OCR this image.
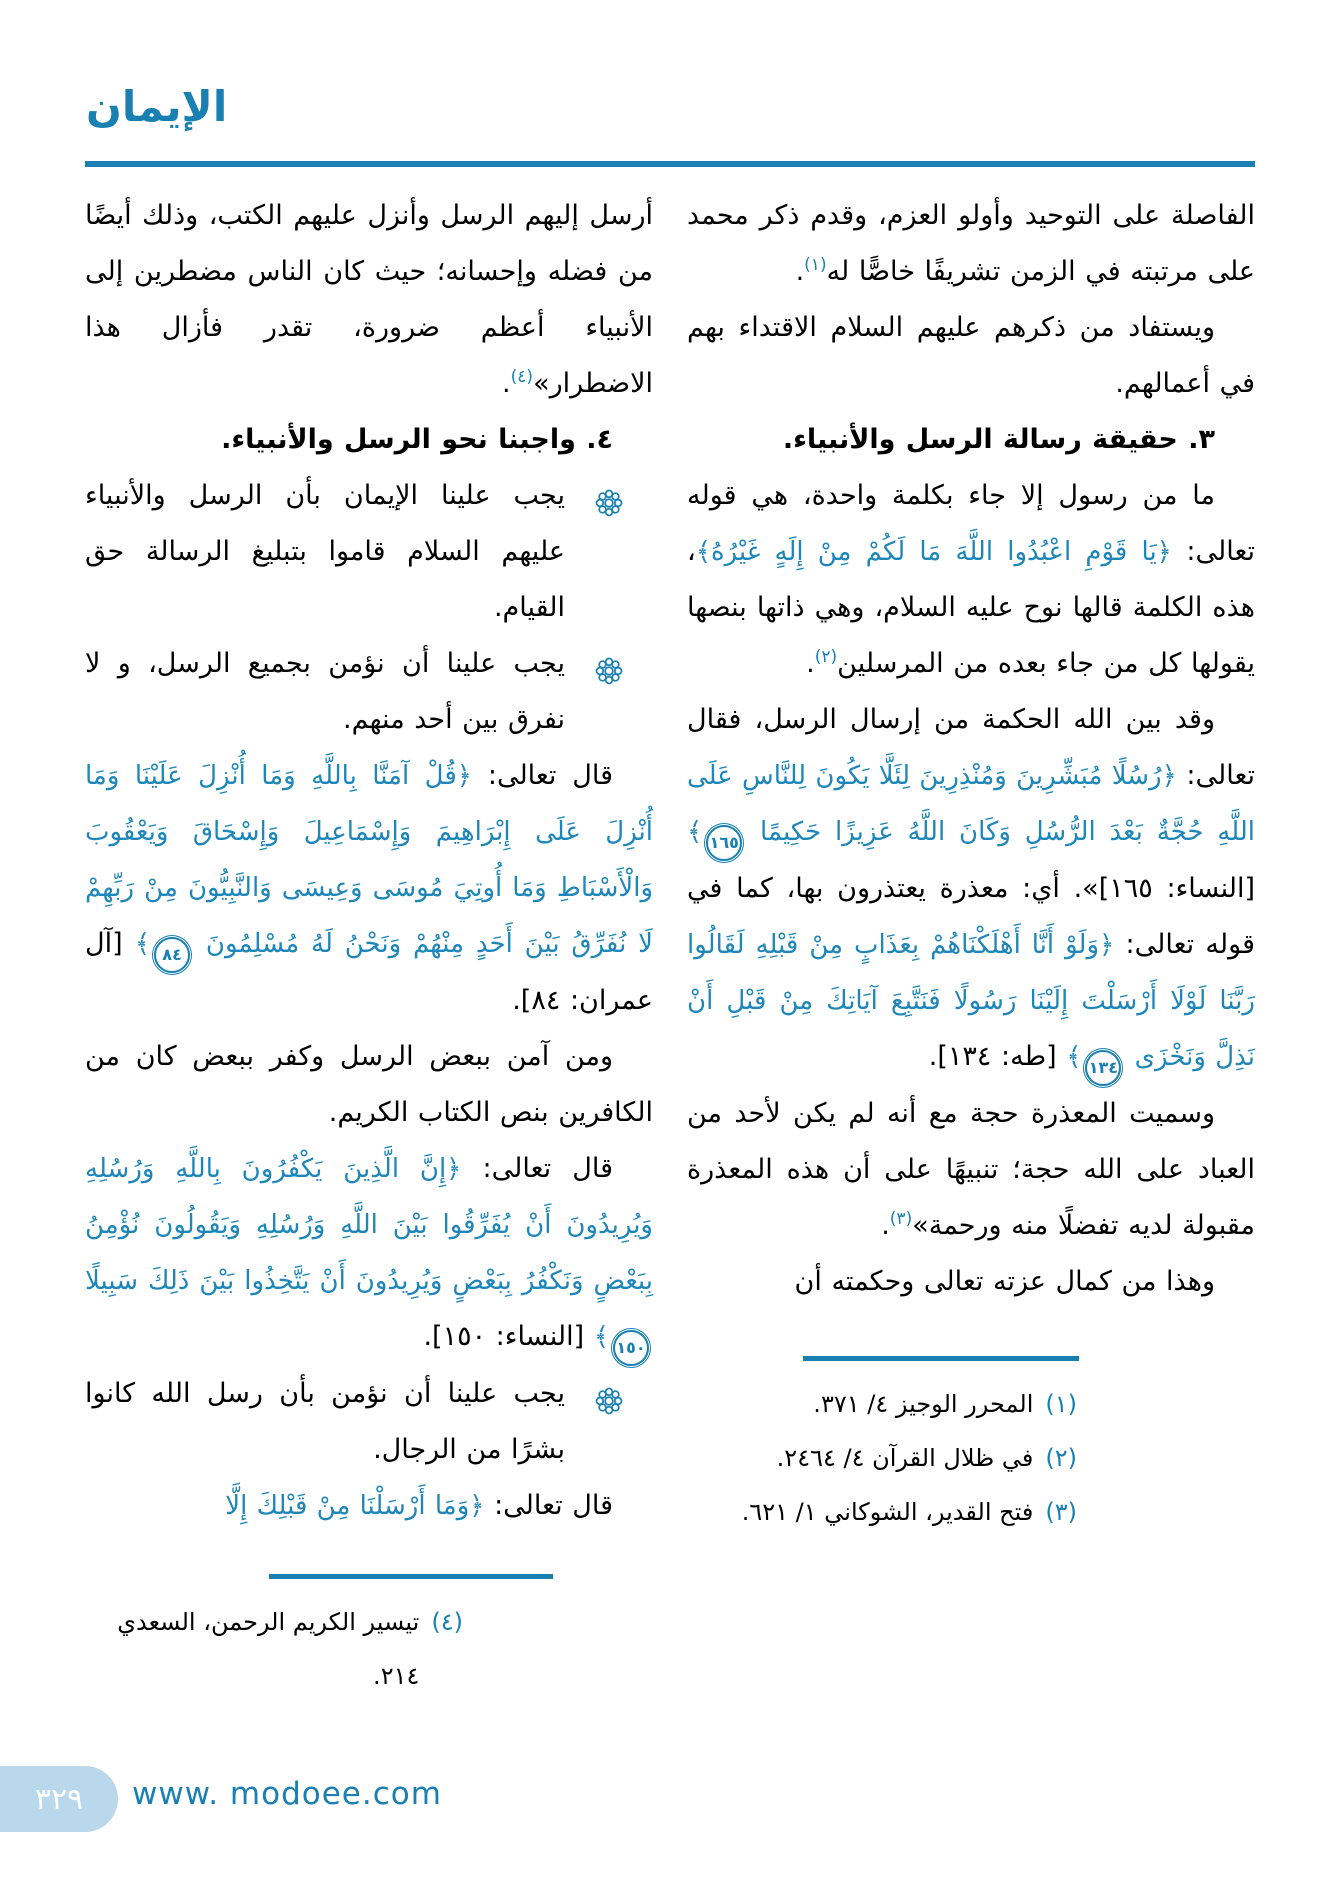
الإيمان
الفاصلة على التوحيد وأولو العزم، وقدم ذكر محمد على مرتبته في الزمن تشريفًا خاصًّا له$^{(١)}$.
ويستفاد من ذكرهم عليهم السلام الاقتداء بهم في أعمالهم.
٣. حقيقة رسالة الرسل والأنبياء.
ما من رسول إلا جاء بكلمة واحدة، هي قوله تعالى: ﴿يَا قَوْمِ اعْبُدُوا اللَّهَ مَا لَكُمْ مِنْ إِلَهٍ غَيْرُهُ﴾، هذه الكلمة قالها نوح عليه السلام، وهي ذاتها بنصها يقولها كل من جاء بعده من المرسلين$^{(٢)}$.
وقد بين الله الحكمة من إرسال الرسل، فقال تعالى: ﴿رُسُلًا مُبَشِّرِينَ وَمُنْذِرِينَ لِئَلَّا يَكُونَ لِلنَّاسِ عَلَى اللَّهِ حُجَّةٌ بَعْدَ الرُّسُلِ وَكَانَ اللَّهُ عَزِيزًا حَكِيمًا ١٦٥﴾ [النساء: ١٦٥]». أي: معذرة يعتذرون بها، كما في قوله تعالى: ﴿وَلَوْ أَنَّا أَهْلَكْنَاهُمْ بِعَذَابٍ مِنْ قَبْلِهِ لَقَالُوا رَبَّنَا لَوْلَا أَرْسَلْتَ إِلَيْنَا رَسُولًا فَنَتَّبِعَ آيَاتِكَ مِنْ قَبْلِ أَنْ نَذِلَّ وَنَخْزَى ١٣٤﴾ [طه: ١٣٤].
وسميت المعذرة حجة مع أنه لم يكن لأحد من العباد على الله حجة؛ تنبيهًا على أن هذه المعذرة مقبولة لديه تفضلًا منه ورحمة»$^{(٣)}$.
وهذا من كمال عزته تعالى وحكمته أن
(١)
المحرر الوجيز ٤/ ٣٧١.
(٢)
في ظلال القرآن ٤/ ٢٤٦٤.
(٣)
فتح القدير، الشوكاني ١/ ٦٢١.
أرسل إليهم الرسل وأنزل عليهم الكتب، وذلك أيضًا من فضله وإحسانه؛ حيث كان الناس مضطرين إلى الأنبياء أعظم ضرورة، تقدر فأزال هذا الاضطرار»$^{(٤)}$.
٤. واجبنا نحو الرسل والأنبياء.
يجب علينا الإيمان بأن الرسل والأنبياء عليهم السلام قاموا بتبليغ الرسالة حق القيام.
يجب علينا أن نؤمن بجميع الرسل، و لا نفرق بين أحد منهم.
قال تعالى: ﴿قُلْ آمَنَّا بِاللَّهِ وَمَا أُنْزِلَ عَلَيْنَا وَمَا أُنْزِلَ عَلَى إِبْرَاهِيمَ وَإِسْمَاعِيلَ وَإِسْحَاقَ وَيَعْقُوبَ وَالْأَسْبَاطِ وَمَا أُوتِيَ مُوسَى وَعِيسَى وَالنَّبِيُّونَ مِنْ رَبِّهِمْ لَا نُفَرِّقُ بَيْنَ أَحَدٍ مِنْهُمْ وَنَحْنُ لَهُ مُسْلِمُونَ ٨٤﴾ [آل عمران: ٨٤].
ومن آمن ببعض الرسل وكفر ببعض كان من الكافرين بنص الكتاب الكريم.
قال تعالى: ﴿إِنَّ الَّذِينَ يَكْفُرُونَ بِاللَّهِ وَرُسُلِهِ وَيُرِيدُونَ أَنْ يُفَرِّقُوا بَيْنَ اللَّهِ وَرُسُلِهِ وَيَقُولُونَ نُؤْمِنُ بِبَعْضٍ وَنَكْفُرُ بِبَعْضٍ وَيُرِيدُونَ أَنْ يَتَّخِذُوا بَيْنَ ذَلِكَ سَبِيلًا ١٥٠﴾ [النساء: ١٥٠].
يجب علينا أن نؤمن بأن رسل الله كانوا بشرًا من الرجال.
قال تعالى: ﴿وَمَا أَرْسَلْنَا مِنْ قَبْلِكَ إِلَّا
(٤)
تيسير الكريم الرحمن، السعدي ٢١٤.
٣٢٩	www. modoee.com
